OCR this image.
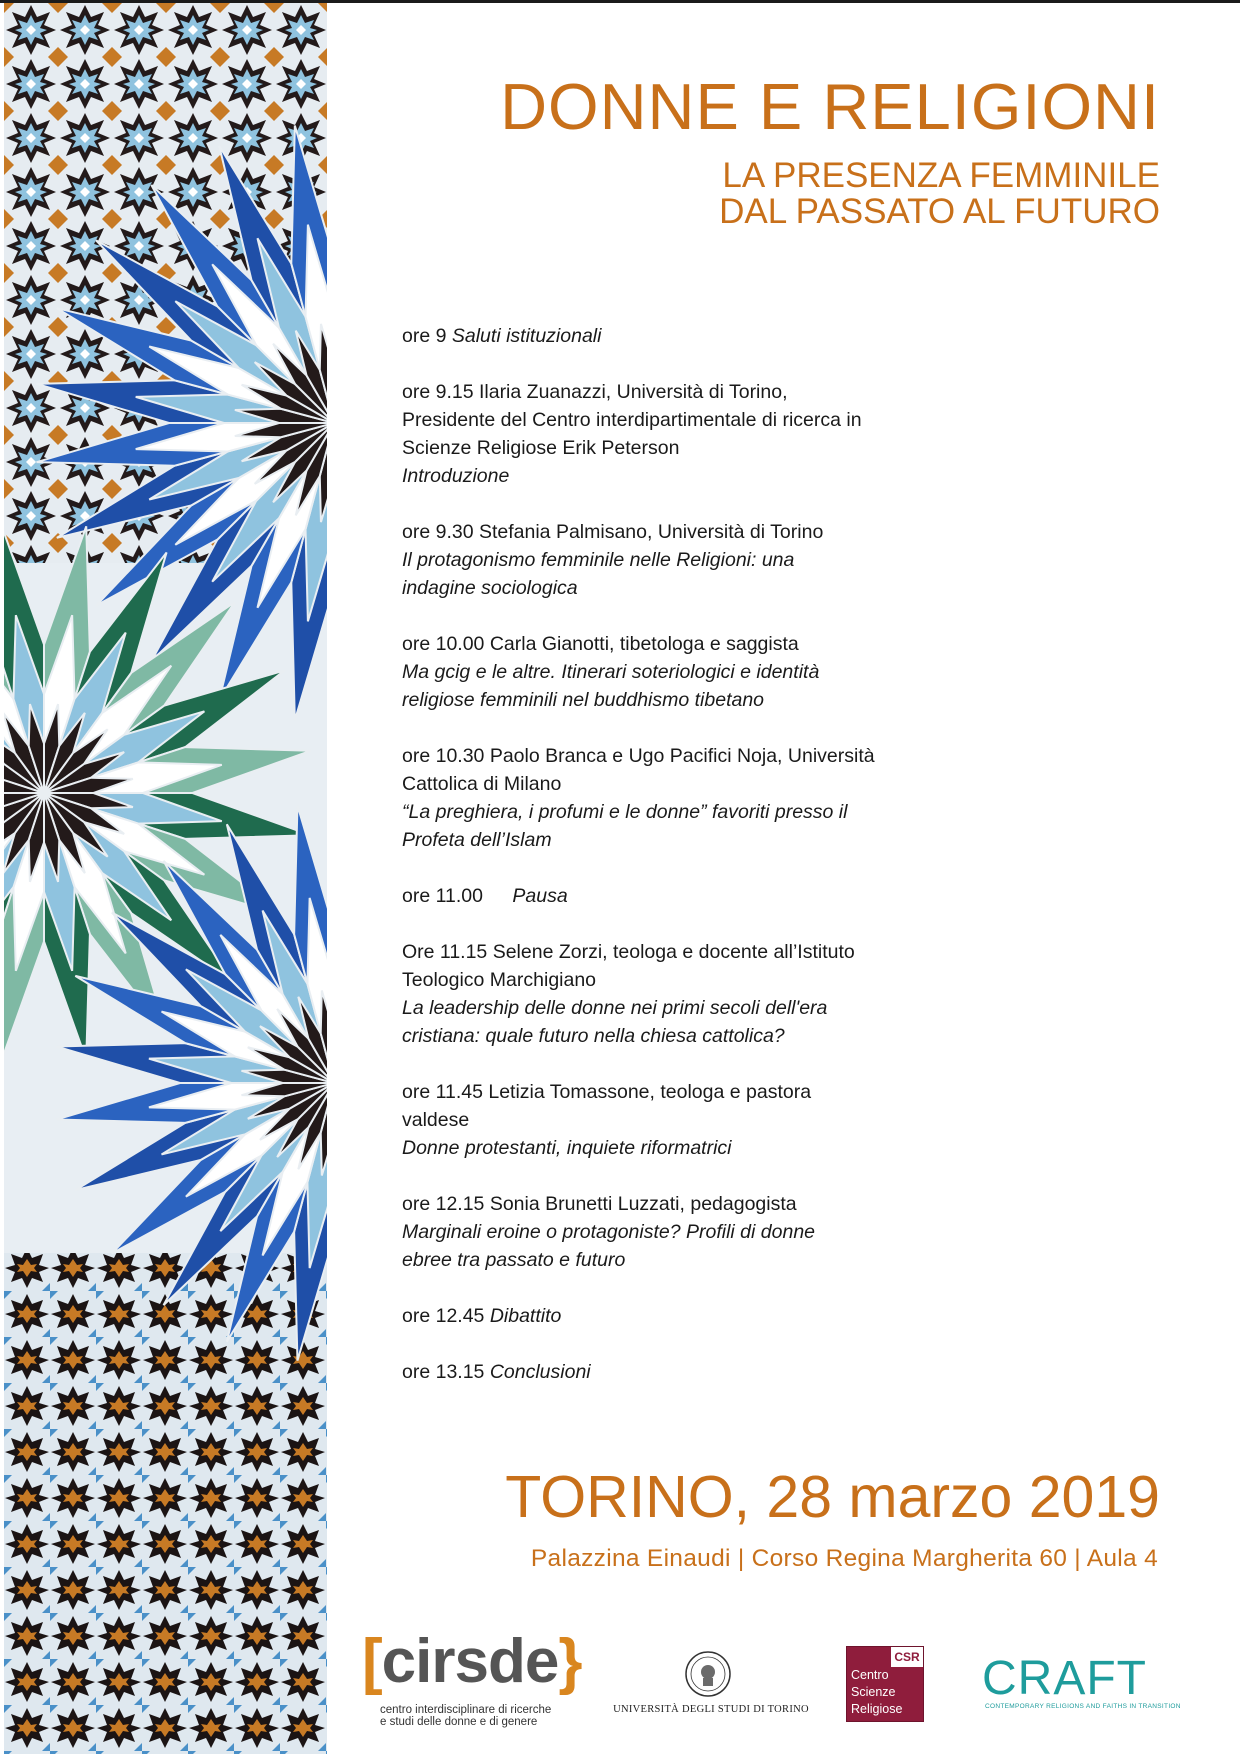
DONNE E RELIGIONI
LA PRESENZA FEMMINILE
DAL PASSATO AL FUTURO
ore 9 Saluti istituzionali
ore 9.15 Ilaria Zuanazzi, Università di Torino,
Presidente del Centro interdipartimentale di ricerca in
Scienze Religiose Erik Peterson
Introduzione
ore 9.30 Stefania Palmisano, Università di Torino
Il protagonismo femminile nelle Religioni: una
indagine sociologica
ore 10.00 Carla Gianotti, tibetologa e saggista
Ma gcig e le altre. Itinerari soteriologici e identità
religiose femminili nel buddhismo tibetano
ore 10.30 Paolo Branca e Ugo Pacifici Noja, Università
Cattolica di Milano
“La preghiera, i profumi e le donne” favoriti presso il
Profeta dell’Islam
ore 11.00 Pausa
Ore 11.15 Selene Zorzi, teologa e docente all’Istituto
Teologico Marchigiano
La leadership delle donne nei primi secoli dell'era
cristiana: quale futuro nella chiesa cattolica?
ore 11.45 Letizia Tomassone, teologa e pastora
valdese
Donne protestanti, inquiete riformatrici
ore 12.15 Sonia Brunetti Luzzati, pedagogista
Marginali eroine o protagoniste? Profili di donne
ebree tra passato e futuro
ore 12.45 Dibattito
ore 13.15 Conclusioni
TORINO, 28 marzo 2019
Palazzina Einaudi | Corso Regina Margherita 60 | Aula 4
[cirsde}
centro interdisciplinare di ricerche
e studi delle donne e di genere
UNIVERSITÀ DEGLI STUDI DI TORINO
CSR
Centro
Scienze
Religiose
CRAFT
CONTEMPORARY RELIGIONS AND FAITHS IN TRANSITION
